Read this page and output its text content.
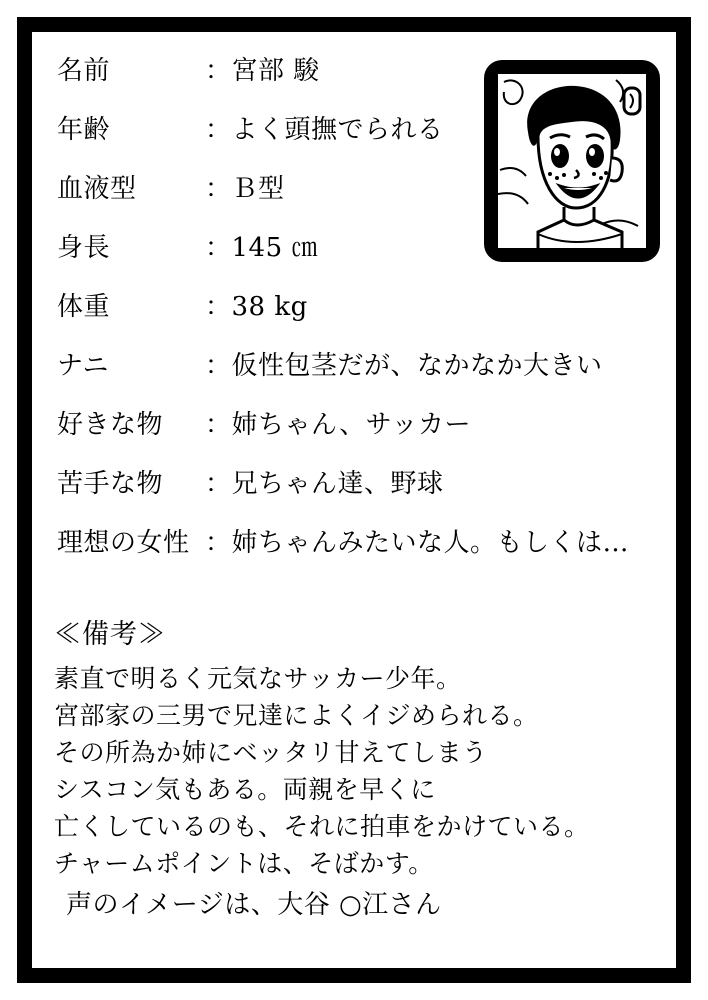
名前	： 宮部 駿
年齢	： よく頭撫でられる
血液型	： Ｂ型
身長	： 145 ㎝
体重	： 38 kg
ナニ	： 仮性包茎だが、なかなか大きい
好きな物	： 姉ちゃん、サッカー
苦手な物	： 兄ちゃん達、野球
理想の女性 ： 姉ちゃんみたいな人。もしくは…
≪備考≫
素直で明るく元気なサッカー少年。
宮部家の三男で兄達によくイジめられる。
その所為か姉にベッタリ甘えてしまう
シスコン気もある。両親を早くに
亡くしているのも、それに拍車をかけている。
チャームポイントは、そばかす。
声のイメージは、大谷 ○江さん
